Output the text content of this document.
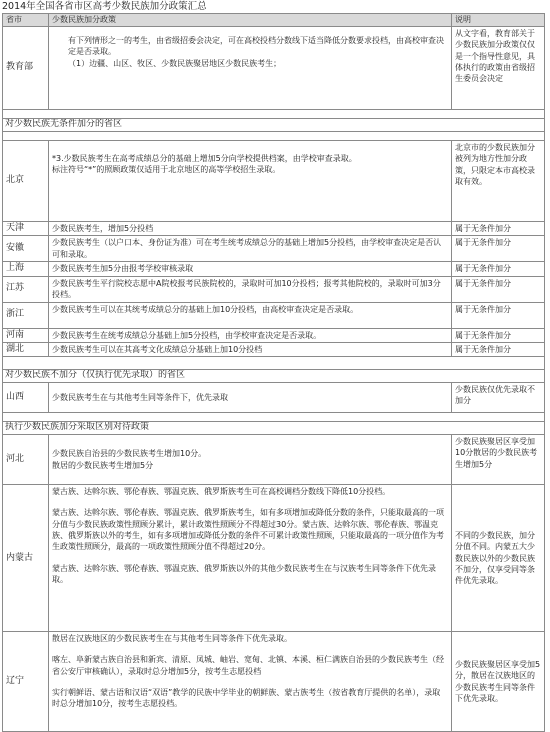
2014年全国各省市区高考少数民族加分政策汇总
省市	少数民族加分政策	说明
教育部	有下列情形之一的考生，由省级招委会决定，可在高校投档分数线下适当降低分数要求投档，由高校审查决定是否录取。
（1）边疆、山区、牧区、少数民族聚居地区少数民族考生；	从文字看，教育部关于少数民族加分政策仅仅是一个指导性意见，具体执行的政策由省级招生委员会决定

对少数民族无条件加分的省区		

北京	*3.少数民族考生在高考成绩总分的基础上增加5分向学校提供档案，由学校审查录取。
标注符号“*”的照顾政策仅适用于北京地区的高等学校招生录取。	北京市的少数民族加分被列为地方性加分政策，只限定本市高校录取有效。
天津	少数民族考生，增加5分投档	属于无条件加分
安徽	少数民族考生（以户口本、身份证为准）可在考生统考成绩总分的基础上增加5分投档，由学校审查决定是否认可和录取。	属于无条件加分
上海	少数民族考生加5分由报考学校审核录取	属于无条件加分
江苏	少数民族考生平行院校志愿中A院校报考民族院校的，录取时可加10分投档；报考其他院校的，录取时可加3分投档。	属于无条件加分
浙江	少数民族考生可以在其统考成绩总分的基础上加10分投档，由高校审查决定是否录取。	属于无条件加分
河南	少数民族考生在统考成绩总分基础上加5分投档，由学校审查决定是否录取。	属于无条件加分
湖北	少数民族考生可以在其高考文化成绩总分基础上加10分投档	属于无条件加分

对少数民族不加分（仅执行优先录取）的省区		
山西	少数民族考生在与其他考生同等条件下，优先录取	少数民族仅优先录取不加分

执行少数民族加分采取区别对待政策		
河北	少数民族自治县的少数民族考生增加10分。
散居的少数民族考生增加5分	少数民族聚居区享受加10分散居的少数民族考生增加5分
内蒙古	蒙古族、达斡尔族、鄂伦春族、鄂温克族、俄罗斯族考生可在高校调档分数线下降低10分投档。
蒙古族、达斡尔族、鄂伦春族、鄂温克族、俄罗斯族考生，如有多项增加或降低分数的条件，只能取最高的一项分值与少数民族政策性照顾分累计，累计政策性照顾分不得超过30分。蒙古族、达斡尔族、鄂伦春族、鄂温克族、俄罗斯族以外的考生，如有多项增加或降低分数的条件不可累计政策性照顾，只能取最高的一项分值作为考生政策性照顾分，最高的一项政策性照顾分值不得超过20分。
蒙古族、达斡尔族、鄂伦春族、鄂温克族、俄罗斯族以外的其他少数民族考生在与汉族考生同等条件下优先录取。	不同的少数民族，加分分值不同。内蒙五大少数民族以外的少数民族不加分，仅享受同等条件优先录取。
辽宁	散居在汉族地区的少数民族考生在与其他考生同等条件下优先录取。
喀左、阜新蒙古族自治县和新宾、清原、凤城、岫岩、宽甸、北镇、本溪、桓仁满族自治县的少数民族考生（经省公安厅审核确认），录取时总分增加5分，按考生志愿投档
实行朝鲜语、蒙古语和汉语“双语”教学的民族中学毕业的朝鲜族、蒙古族考生（按省教育厅提供的名单），录取时总分增加10分，按考生志愿投档。	少数民族聚居区享受加5分，散居在汉族地区的少数民族考生同等条件下优先录取。
